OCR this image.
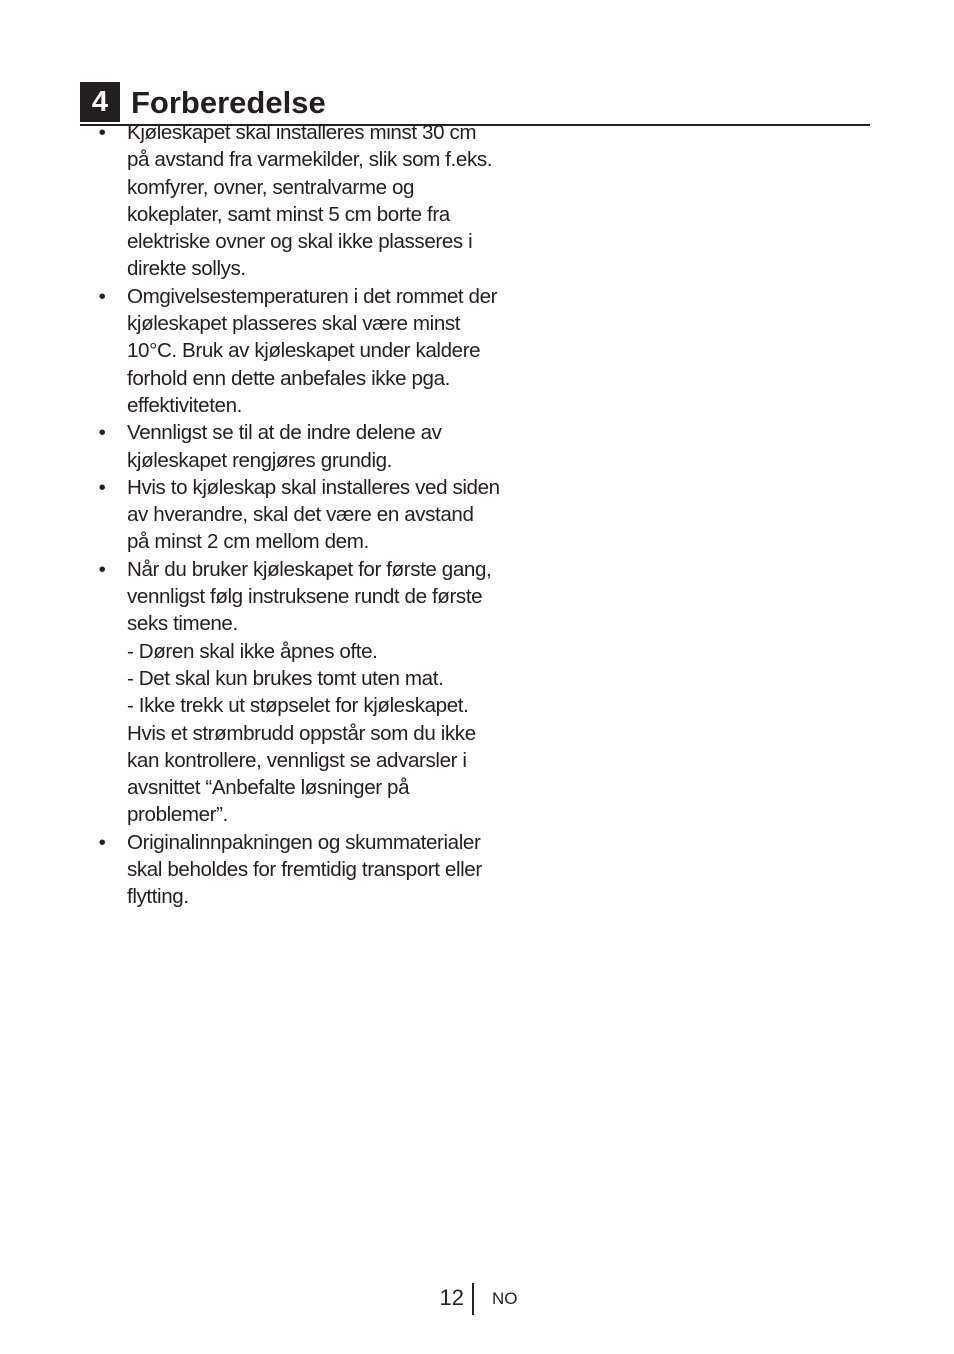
4 Forberedelse
• Kjøleskapet skal installeres minst 30 cm på avstand fra varmekilder, slik som f.eks. komfyrer, ovner, sentralvarme og kokeplater, samt minst 5 cm borte fra elektriske ovner og skal ikke plasseres i direkte sollys.
• Omgivelsestemperaturen i det rommet der kjøleskapet plasseres skal være minst 10°C. Bruk av kjøleskapet under kaldere forhold enn dette anbefales ikke pga. effektiviteten.
• Vennligst se til at de indre delene av kjøleskapet rengjøres grundig.
• Hvis to kjøleskap skal installeres ved siden av hverandre, skal det være en avstand på minst 2 cm mellom dem.
• Når du bruker kjøleskapet for første gang, vennligst følg instruksene rundt de første seks timene.
- Døren skal ikke åpnes ofte.
- Det skal kun brukes tomt uten mat.
- Ikke trekk ut støpselet for kjøleskapet. Hvis et strømbrudd oppstår som du ikke kan kontrollere, vennligst se advarsler i avsnittet “Anbefalte løsninger på problemer”.
• Originalinnpakningen og skummaterialer skal beholdes for fremtidig transport eller flytting.
12 NO
